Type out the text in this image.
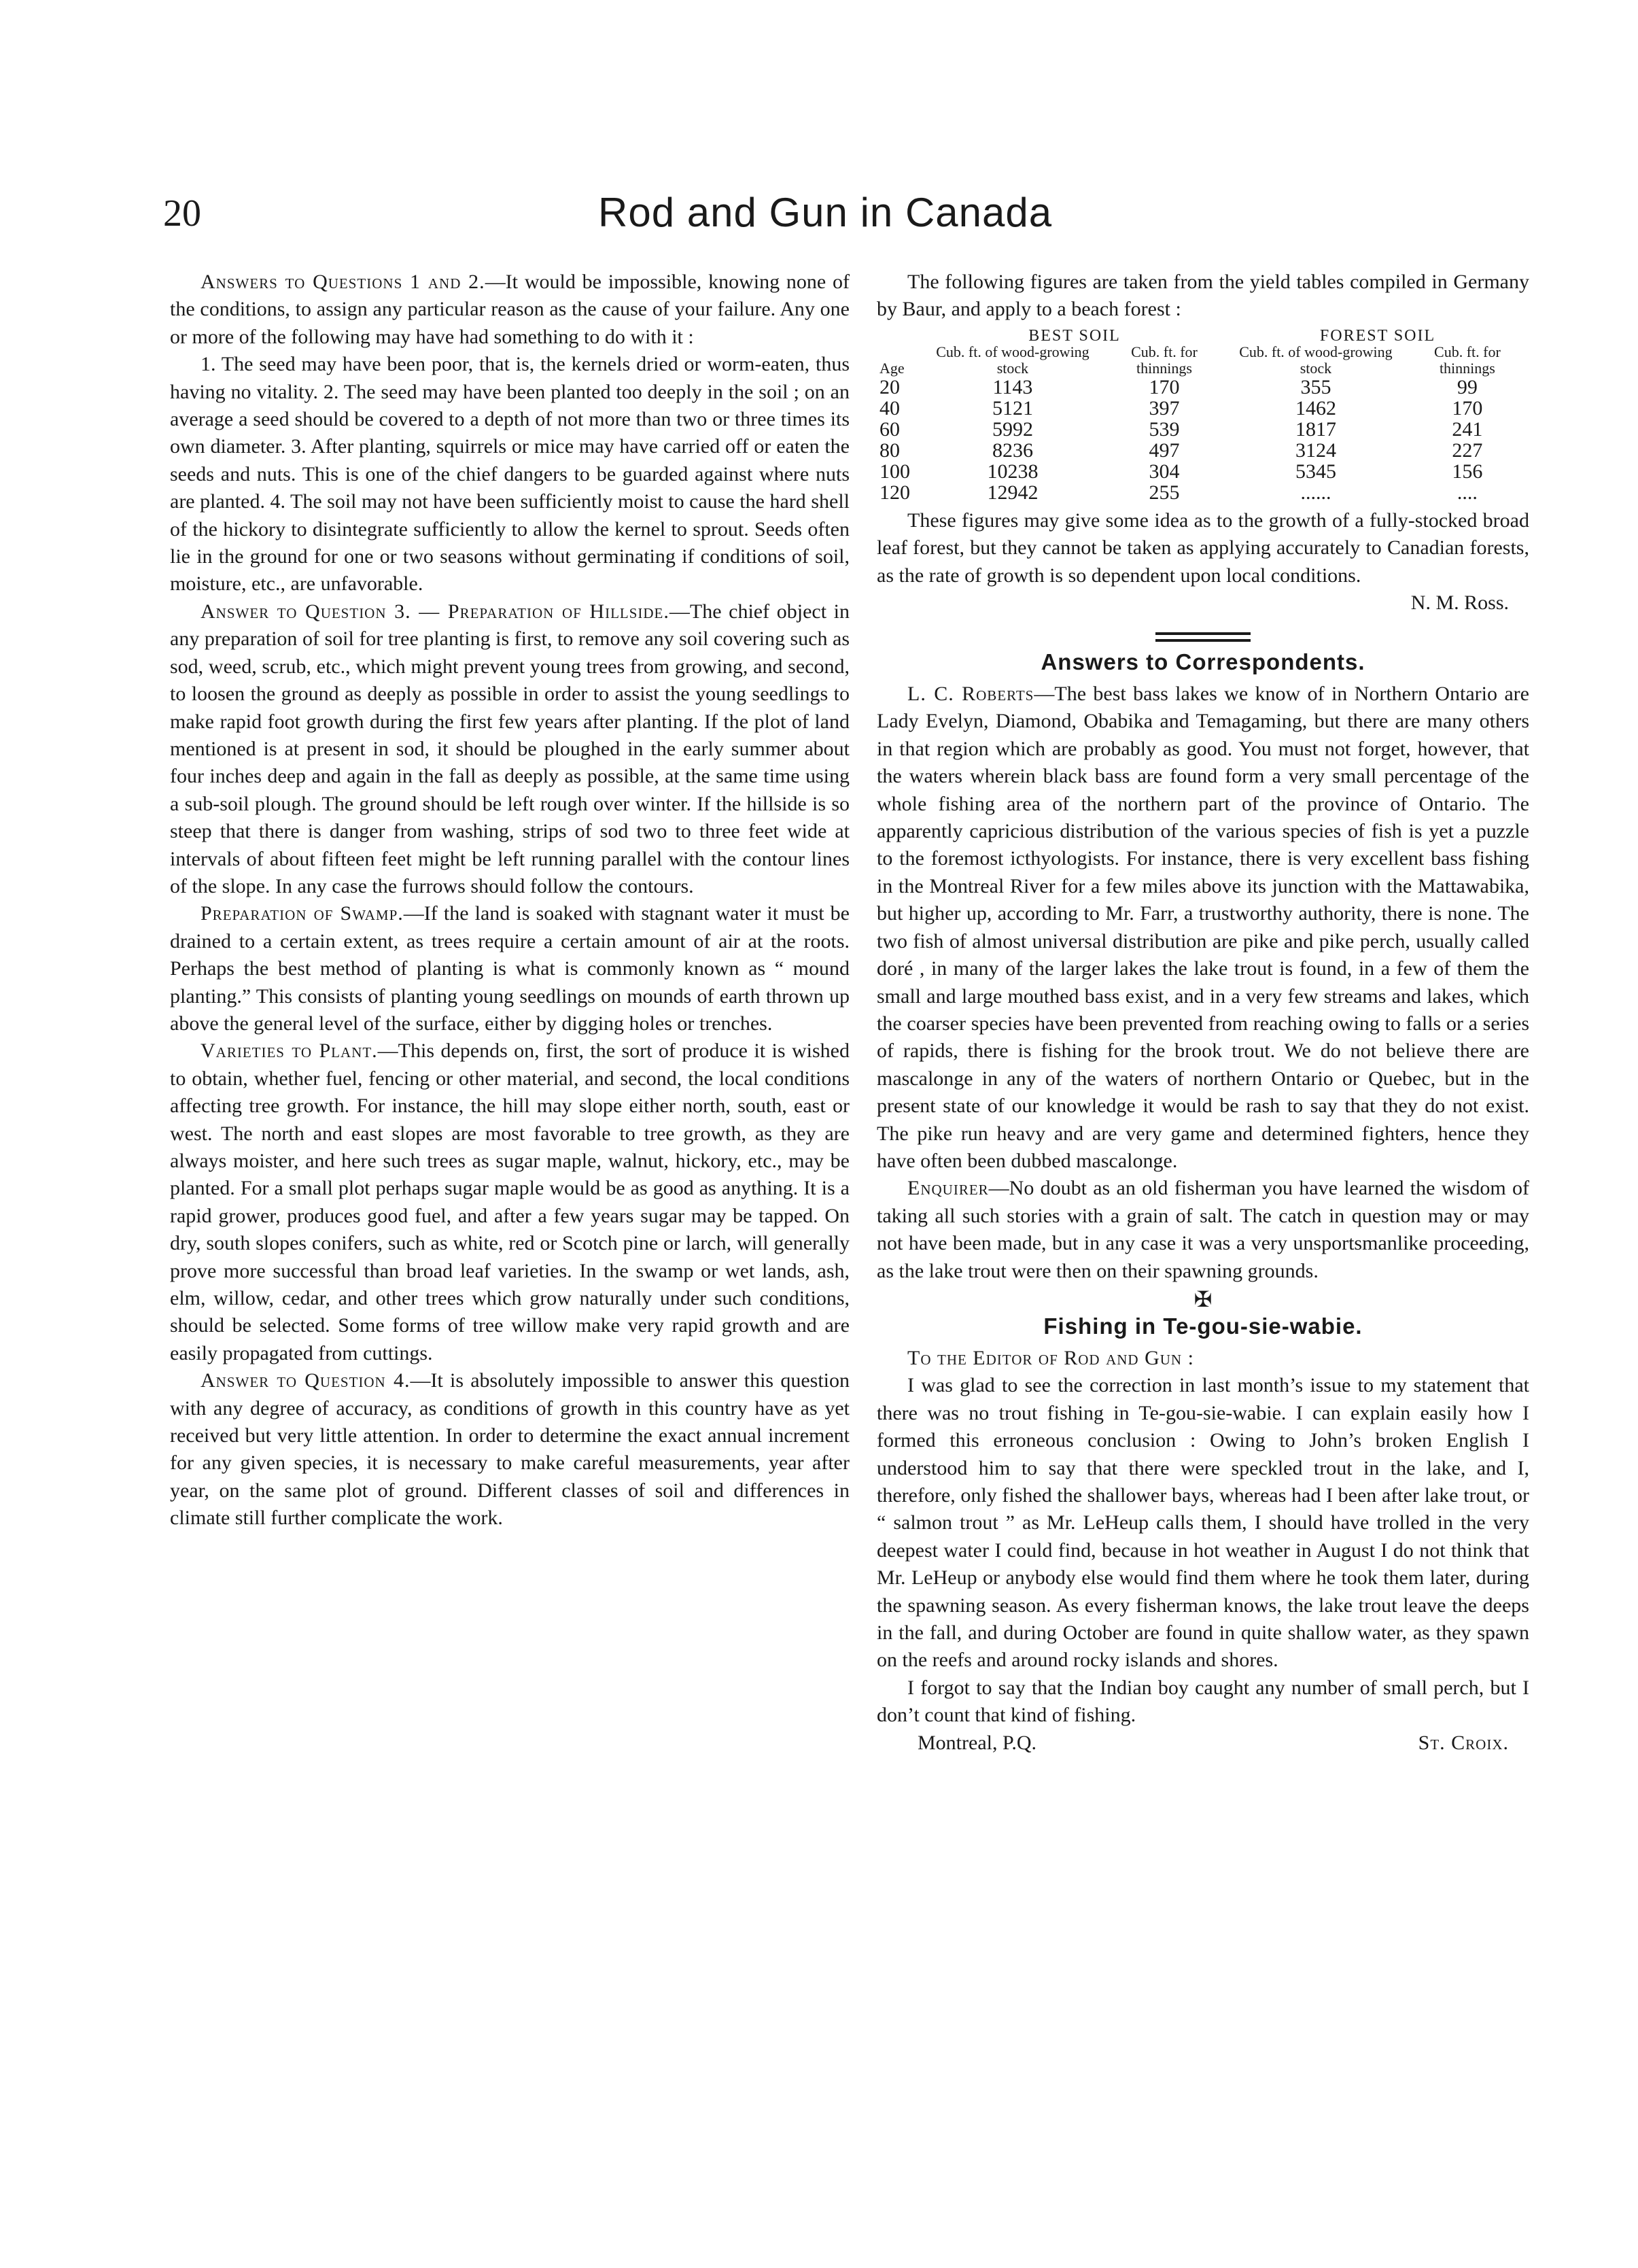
20	Rod and Gun in Canada

Answers to Questions 1 and 2.—It would be impossible, knowing none of the conditions, to assign any particular reason as the cause of your failure. Any one or more of the following may have had something to do with it :

1. The seed may have been poor, that is, the kernels dried or worm-eaten, thus having no vitality. 2. The seed may have been planted too deeply in the soil ; on an average a seed should be covered to a depth of not more than two or three times its own diameter. 3. After planting, squirrels or mice may have carried off or eaten the seeds and nuts. This is one of the chief dangers to be guarded against where nuts are planted. 4. The soil may not have been sufficiently moist to cause the hard shell of the hickory to disintegrate sufficiently to allow the kernel to sprout. Seeds often lie in the ground for one or two seasons without germinating if conditions of soil, moisture, etc., are unfavorable.

Answer to Question 3. — Preparation of Hillside.—The chief object in any preparation of soil for tree planting is first, to remove any soil covering such as sod, weed, scrub, etc., which might prevent young trees from growing, and second, to loosen the ground as deeply as possible in order to assist the young seedlings to make rapid foot growth during the first few years after planting. If the plot of land mentioned is at present in sod, it should be ploughed in the early summer about four inches deep and again in the fall as deeply as possible, at the same time using a sub-soil plough. The ground should be left rough over winter. If the hillside is so steep that there is danger from washing, strips of sod two to three feet wide at intervals of about fifteen feet might be left running parallel with the contour lines of the slope. In any case the furrows should follow the contours.

Preparation of Swamp.—If the land is soaked with stagnant water it must be drained to a certain extent, as trees require a certain amount of air at the roots. Perhaps the best method of planting is what is commonly known as “ mound planting.” This consists of planting young seedlings on mounds of earth thrown up above the general level of the surface, either by digging holes or trenches.

Varieties to Plant.—This depends on, first, the sort of produce it is wished to obtain, whether fuel, fencing or other material, and second, the local conditions affecting tree growth. For instance, the hill may slope either north, south, east or west. The north and east slopes are most favorable to tree growth, as they are always moister, and here such trees as sugar maple, walnut, hickory, etc., may be planted. For a small plot perhaps sugar maple would be as good as anything. It is a rapid grower, produces good fuel, and after a few years sugar may be tapped. On dry, south slopes conifers, such as white, red or Scotch pine or larch, will generally prove more successful than broad leaf varieties. In the swamp or wet lands, ash, elm, willow, cedar, and other trees which grow naturally under such conditions, should be selected. Some forms of tree willow make very rapid growth and are easily propagated from cuttings.

Answer to Question 4.—It is absolutely impossible to answer this question with any degree of accuracy, as conditions of growth in this country have as yet received but very little attention. In order to determine the exact annual increment for any given species, it is necessary to make careful measurements, year after year, on the same plot of ground. Different classes of soil and differences in climate still further complicate the work.

The following figures are taken from the yield tables compiled in Germany by Baur, and apply to a beach forest :

	BEST SOIL		FOREST SOIL	
Age	Cub. ft. of wood-growing stock	Cub. ft. for thinnings	Cub. ft. of wood-growing stock	Cub. ft. for thinnings
20	1143	170	355	99
40	5121	397	1462	170
60	5992	539	1817	241
80	8236	497	3124	227
100	10238	304	5345	156
120	12942	255	......	....

These figures may give some idea as to the growth of a fully-stocked broad leaf forest, but they cannot be taken as applying accurately to Canadian forests, as the rate of growth is so dependent upon local conditions.

N. M. Ross.
Answers to Correspondents.

L. C. Roberts—The best bass lakes we know of in Northern Ontario are Lady Evelyn, Diamond, Obabika and Temagaming, but there are many others in that region which are probably as good. You must not forget, however, that the waters wherein black bass are found form a very small percentage of the whole fishing area of the northern part of the province of Ontario. The apparently capricious distribution of the various species of fish is yet a puzzle to the foremost icthyologists. For instance, there is very excellent bass fishing in the Montreal River for a few miles above its junction with the Mattawabika, but higher up, according to Mr. Farr, a trustworthy authority, there is none. The two fish of almost universal distribution are pike and pike perch, usually called doré , in many of the larger lakes the lake trout is found, in a few of them the small and large mouthed bass exist, and in a very few streams and lakes, which the coarser species have been prevented from reaching owing to falls or a series of rapids, there is fishing for the brook trout. We do not believe there are mascalonge in any of the waters of northern Ontario or Quebec, but in the present state of our knowledge it would be rash to say that they do not exist. The pike run heavy and are very game and determined fighters, hence they have often been dubbed mascalonge.

Enquirer—No doubt as an old fisherman you have learned the wisdom of taking all such stories with a grain of salt. The catch in question may or may not have been made, but in any case it was a very unsportsmanlike proceeding, as the lake trout were then on their spawning grounds.

✠
Fishing in Te-gou-sie-wabie.

To the Editor of Rod and Gun :

I was glad to see the correction in last month’s issue to my statement that there was no trout fishing in Te-gou-sie-wabie. I can explain easily how I formed this erroneous conclusion : Owing to John’s broken English I understood him to say that there were speckled trout in the lake, and I, therefore, only fished the shallower bays, whereas had I been after lake trout, or “ salmon trout ” as Mr. LeHeup calls them, I should have trolled in the very deepest water I could find, because in hot weather in August I do not think that Mr. LeHeup or anybody else would find them where he took them later, during the spawning season. As every fisherman knows, the lake trout leave the deeps in the fall, and during October are found in quite shallow water, as they spawn on the reefs and around rocky islands and shores.

I forgot to say that the Indian boy caught any number of small perch, but I don’t count that kind of fishing.

Montreal, P.Q.	St. Croix.
